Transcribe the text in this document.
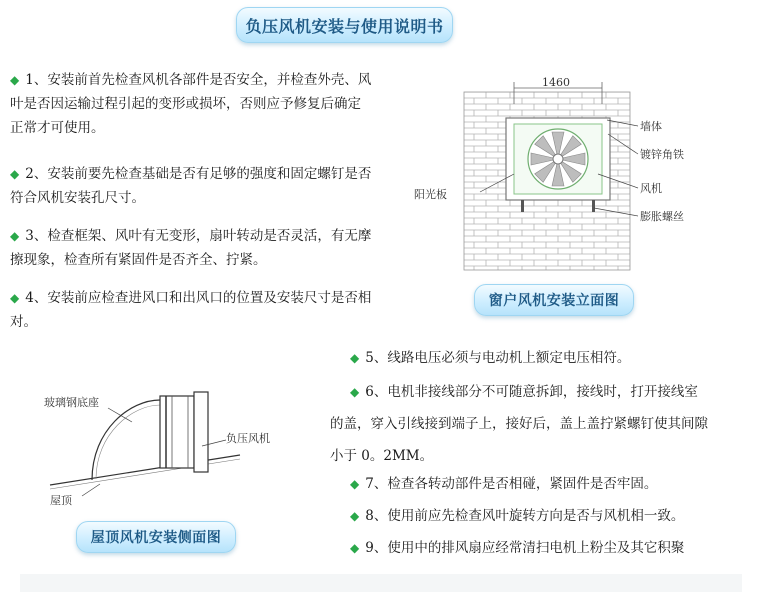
负压风机安装与使用说明书

◆ 1、安装前首先检查风机各部件是否安全，并检查外壳、风叶是否因运输过程引起的变形或损坏，否则应予修复后确定正常才可使用。

◆ 2、安装前要先检查基础是否有足够的强度和固定螺钉是否符合风机安装孔尺寸。

◆ 3、检查框架、风叶有无变形，扇叶转动是否灵活，有无摩擦现象，检查所有紧固件是否齐全、拧紧。

◆ 4、安装前应检查进风口和出风口的位置及安装尺寸是否相对。

◆ 5、线路电压必须与电动机上额定电压相符。

◆ 6、电机非接线部分不可随意拆卸，接线时，打开接线室的盖，穿入引线接到端子上，接好后，盖上盖拧紧螺钉使其间隙小于 0。2MM。

◆ 7、检查各转动部件是否相碰，紧固件是否牢固。

◆ 8、使用前应先检查风叶旋转方向是否与风机相一致。

◆ 9、使用中的排风扇应经常清扫电机上粉尘及其它积聚

1460
墙体
镀锌角铁
风机
膨胀螺丝
阳光板
窗户风机安装立面图
玻璃钢底座
负压风机
屋顶
屋顶风机安装侧面图
